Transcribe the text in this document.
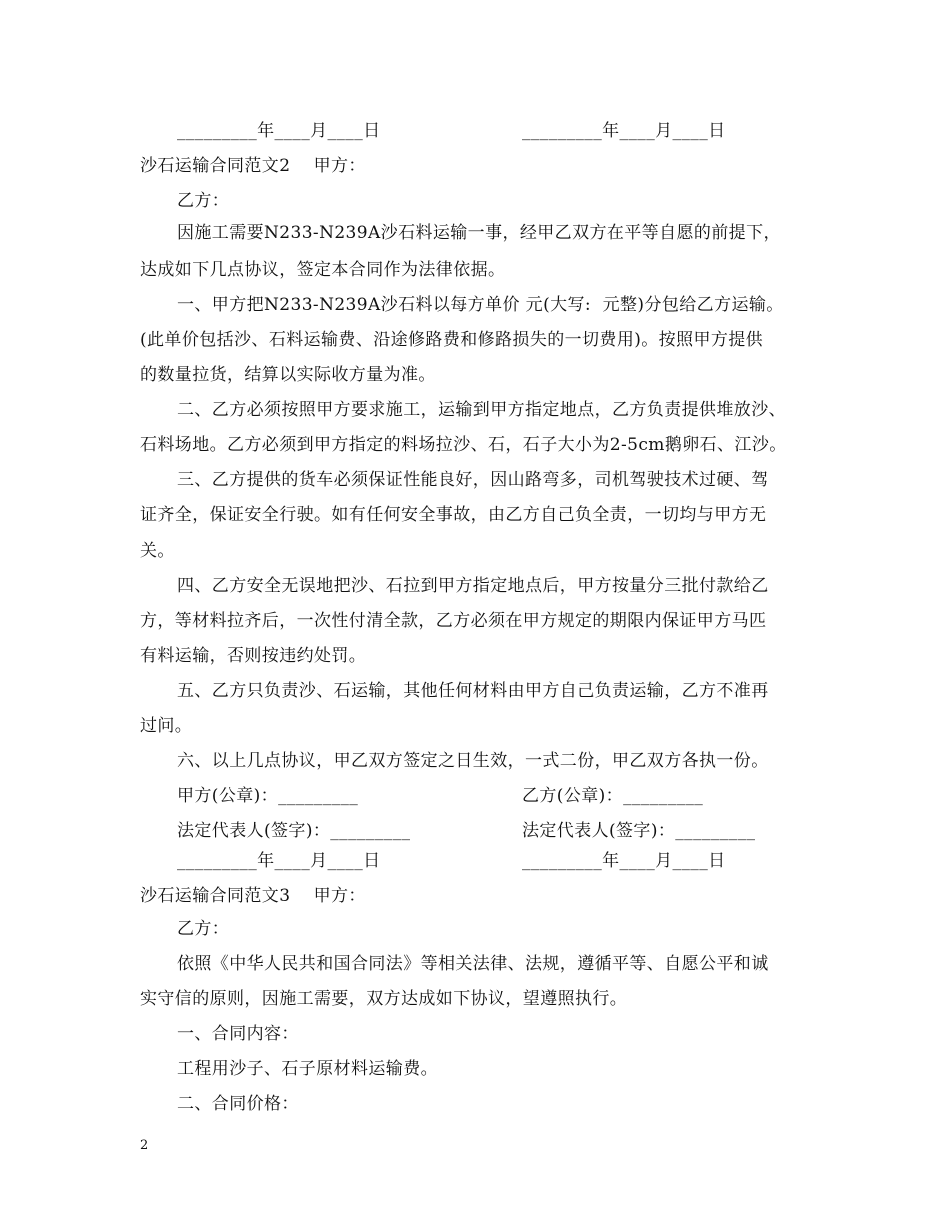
_________年____月____日	_________年____月____日
沙石运输合同范文2    甲方：
乙方：
因施工需要N233-N239A沙石料运输一事，经甲乙双方在平等自愿的前提下，
达成如下几点协议，签定本合同作为法律依据。
一、甲方把N233-N239A沙石料以每方单价 元(大写:  元整)分包给乙方运输。
(此单价包括沙、石料运输费、沿途修路费和修路损失的一切费用)。按照甲方提供
的数量拉货，结算以实际收方量为准。
二、乙方必须按照甲方要求施工，运输到甲方指定地点，乙方负责提供堆放沙、
石料场地。乙方必须到甲方指定的料场拉沙、石，石子大小为2-5cm鹅卵石、江沙。
三、乙方提供的货车必须保证性能良好，因山路弯多，司机驾驶技术过硬、驾
证齐全，保证安全行驶。如有任何安全事故，由乙方自己负全责，一切均与甲方无
关。
四、乙方安全无误地把沙、石拉到甲方指定地点后，甲方按量分三批付款给乙
方，等材料拉齐后，一次性付清全款，乙方必须在甲方规定的期限内保证甲方马匹
有料运输，否则按违约处罚。
五、乙方只负责沙、石运输，其他任何材料由甲方自己负责运输，乙方不准再
过问。
六、以上几点协议，甲乙双方签定之日生效，一式二份，甲乙双方各执一份。
甲方(公章)：_________	乙方(公章)：_________
法定代表人(签字)：_________	法定代表人(签字)：_________
_________年____月____日	_________年____月____日
沙石运输合同范文3    甲方：
乙方：
依照《中华人民共和国合同法》等相关法律、法规，遵循平等、自愿公平和诚
实守信的原则，因施工需要，双方达成如下协议，望遵照执行。
一、合同内容：
工程用沙子、石子原材料运输费。
二、合同价格：
2
